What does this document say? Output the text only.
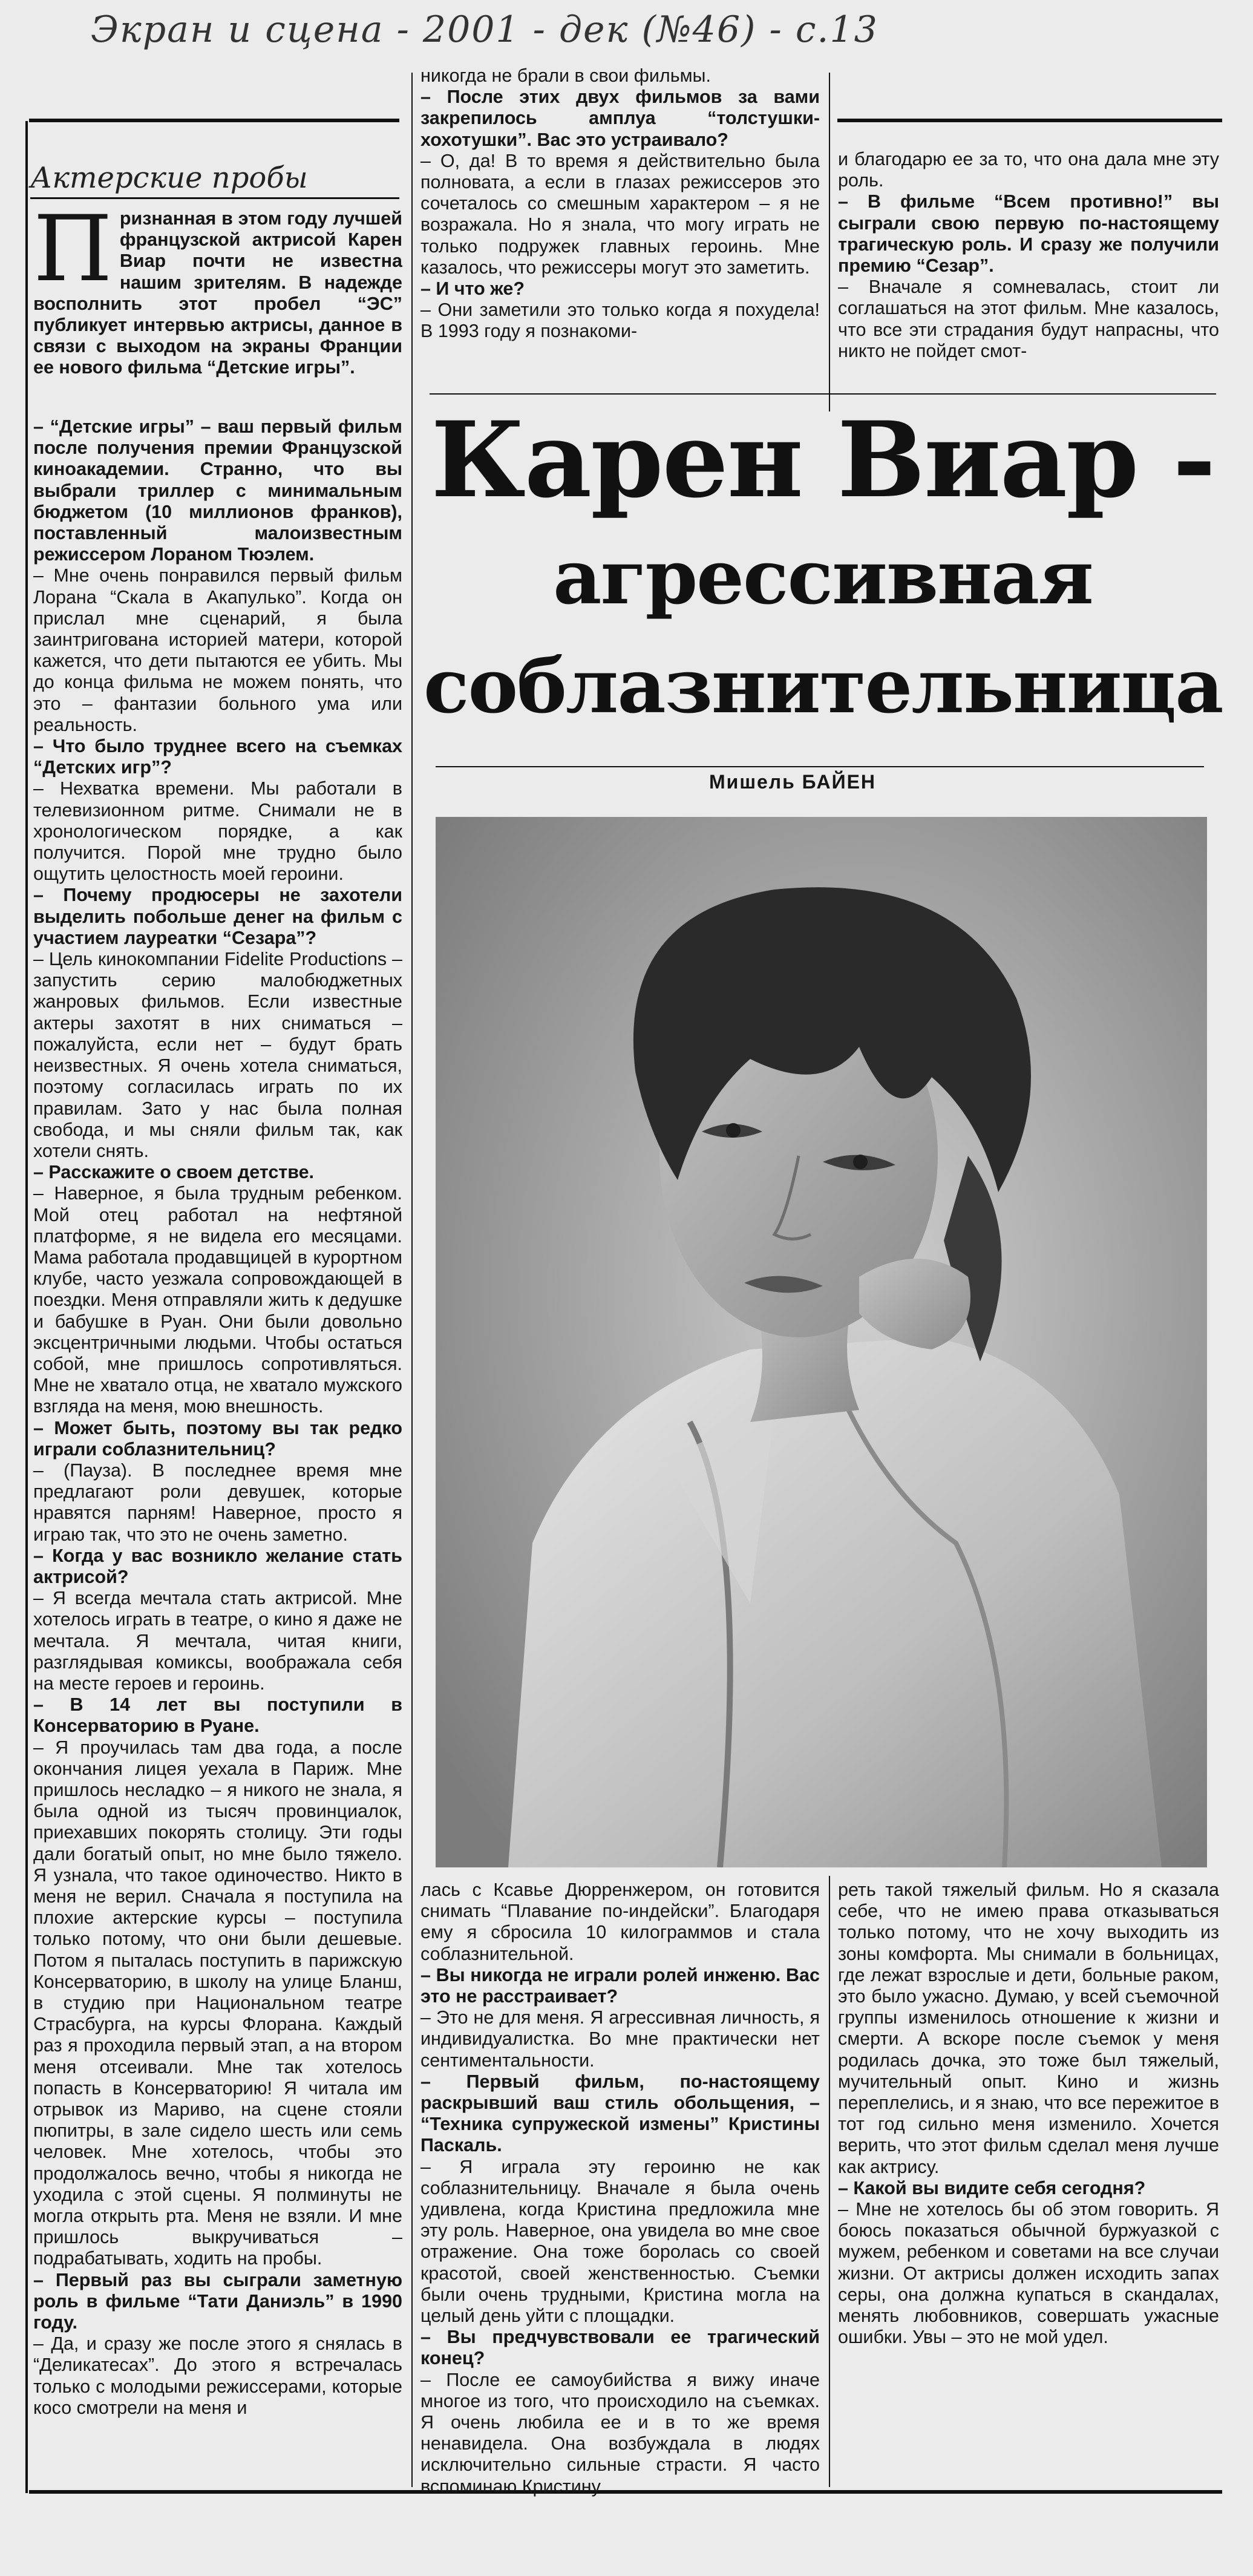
Экран и сцена - 2001 - дек (№46) - с.13
Актерские пробы
Признанная в этом году лучшей французской актрисой Карен Виар почти не известна нашим зрителям. В надежде восполнить этот пробел “ЭС” публикует интервью актрисы, данное в связи с выходом на экраны Франции ее нового фильма “Детские игры”.

– “Детские игры” – ваш первый фильм после получения премии Французской киноакадемии. Странно, что вы выбрали триллер с минимальным бюджетом (10 миллионов франков), поставленный малоизвестным режиссером Лораном Тюэлем.

– Мне очень понравился первый фильм Лорана “Скала в Акапулько”. Когда он прислал мне сценарий, я была заинтригована историей матери, которой кажется, что дети пытаются ее убить. Мы до конца фильма не можем понять, что это – фантазии больного ума или реальность.

– Что было труднее всего на съемках “Детских игр”?

– Нехватка времени. Мы работали в телевизионном ритме. Снимали не в хронологическом порядке, а как получится. Порой мне трудно было ощутить целостность моей героини.

– Почему продюсеры не захотели выделить побольше денег на фильм с участием лауреатки “Сезара”?

– Цель кинокомпании Fidelite Productions – запустить серию малобюджетных жанровых фильмов. Если известные актеры захотят в них сниматься – пожалуйста, если нет – будут брать неизвестных. Я очень хотела сниматься, поэтому согласилась играть по их правилам. Зато у нас была полная свобода, и мы сняли фильм так, как хотели снять.

– Расскажите о своем детстве.

– Наверное, я была трудным ребенком. Мой отец работал на нефтяной платформе, я не видела его месяцами. Мама работала продавщицей в курортном клубе, часто уезжала сопровождающей в поездки. Меня отправляли жить к дедушке и бабушке в Руан. Они были довольно эксцентричными людьми. Чтобы остаться собой, мне пришлось сопротивляться. Мне не хватало отца, не хватало мужского взгляда на меня, мою внешность.

– Может быть, поэтому вы так редко играли соблазнительниц?

– (Пауза). В последнее время мне предлагают роли девушек, которые нравятся парням! Наверное, просто я играю так, что это не очень заметно.

– Когда у вас возникло желание стать актрисой?

– Я всегда мечтала стать актрисой. Мне хотелось играть в театре, о кино я даже не мечтала. Я мечтала, читая книги, разглядывая комиксы, воображала себя на месте героев и героинь.

– В 14 лет вы поступили в Консерваторию в Руане.

– Я проучилась там два года, а после окончания лицея уехала в Париж. Мне пришлось несладко – я никого не знала, я была одной из тысяч провинциалок, приехавших покорять столицу. Эти годы дали богатый опыт, но мне было тяжело. Я узнала, что такое одиночество. Никто в меня не верил. Сначала я поступила на плохие актерские курсы – поступила только потому, что они были дешевые. Потом я пыталась поступить в парижскую Консерваторию, в школу на улице Бланш, в студию при Национальном театре Страсбурга, на курсы Флорана. Каждый раз я проходила первый этап, а на втором меня отсеивали. Мне так хотелось попасть в Консерваторию! Я читала им отрывок из Мариво, на сцене стояли пюпитры, в зале сидело шесть или семь человек. Мне хотелось, чтобы это продолжалось вечно, чтобы я никогда не уходила с этой сцены. Я полминуты не могла открыть рта. Меня не взяли. И мне пришлось выкручиваться – подрабатывать, ходить на пробы.

– Первый раз вы сыграли заметную роль в фильме “Тати Даниэль” в 1990 году.

– Да, и сразу же после этого я снялась в “Деликатесах”. До этого я встречалась только с молодыми режиссерами, которые косо смотрели на меня и

никогда не брали в свои фильмы.

– После этих двух фильмов за вами закрепилось амплуа “толстушки-хохотушки”. Вас это устраивало?

– О, да! В то время я действительно была полновата, а если в глазах режиссеров это сочеталось со смешным характером – я не возражала. Но я знала, что могу играть не только подружек главных героинь. Мне казалось, что режиссеры могут это заметить.

– И что же?

– Они заметили это только когда я похудела! В 1993 году я познакоми-

и благодарю ее за то, что она дала мне эту роль.

– В фильме “Всем противно!” вы сыграли свою первую по-настоящему трагическую роль. И сразу же получили премию “Сезар”.

– Вначале я сомневалась, стоит ли соглашаться на этот фильм. Мне казалось, что все эти страдания будут напрасны, что никто не пойдет смот-

Карен Виар -
агрессивная
соблазнительница
Мишель БАЙЕН

лась с Ксавье Дюрренжером, он готовится снимать “Плавание по-индейски”. Благодаря ему я сбросила 10 килограммов и стала соблазнительной.

– Вы никогда не играли ролей инженю. Вас это не расстраивает?

– Это не для меня. Я агрессивная личность, я индивидуалистка. Во мне практически нет сентиментальности.

– Первый фильм, по-настоящему раскрывший ваш стиль обольщения, – “Техника супружеской измены” Кристины Паскаль.

– Я играла эту героиню не как соблазнительницу. Вначале я была очень удивлена, когда Кристина предложила мне эту роль. Наверное, она увидела во мне свое отражение. Она тоже боролась со своей красотой, своей женственностью. Съемки были очень трудными, Кристина могла на целый день уйти с площадки.

– Вы предчувствовали ее трагический конец?

– После ее самоубийства я вижу иначе многое из того, что происходило на съемках. Я очень любила ее и в то же время ненавидела. Она возбуждала в людях исключительно сильные страсти. Я часто вспоминаю Кристину

реть такой тяжелый фильм. Но я сказала себе, что не имею права отказываться только потому, что не хочу выходить из зоны комфорта. Мы снимали в больницах, где лежат взрослые и дети, больные раком, это было ужасно. Думаю, у всей съемочной группы изменилось отношение к жизни и смерти. А вскоре после съемок у меня родилась дочка, это тоже был тяжелый, мучительный опыт. Кино и жизнь переплелись, и я знаю, что все пережитое в тот год сильно меня изменило. Хочется верить, что этот фильм сделал меня лучше как актрису.

– Какой вы видите себя сегодня?

– Мне не хотелось бы об этом говорить. Я боюсь показаться обычной буржуазкой с мужем, ребенком и советами на все случаи жизни. От актрисы должен исходить запах серы, она должна купаться в скандалах, менять любовников, совершать ужасные ошибки. Увы – это не мой удел.
